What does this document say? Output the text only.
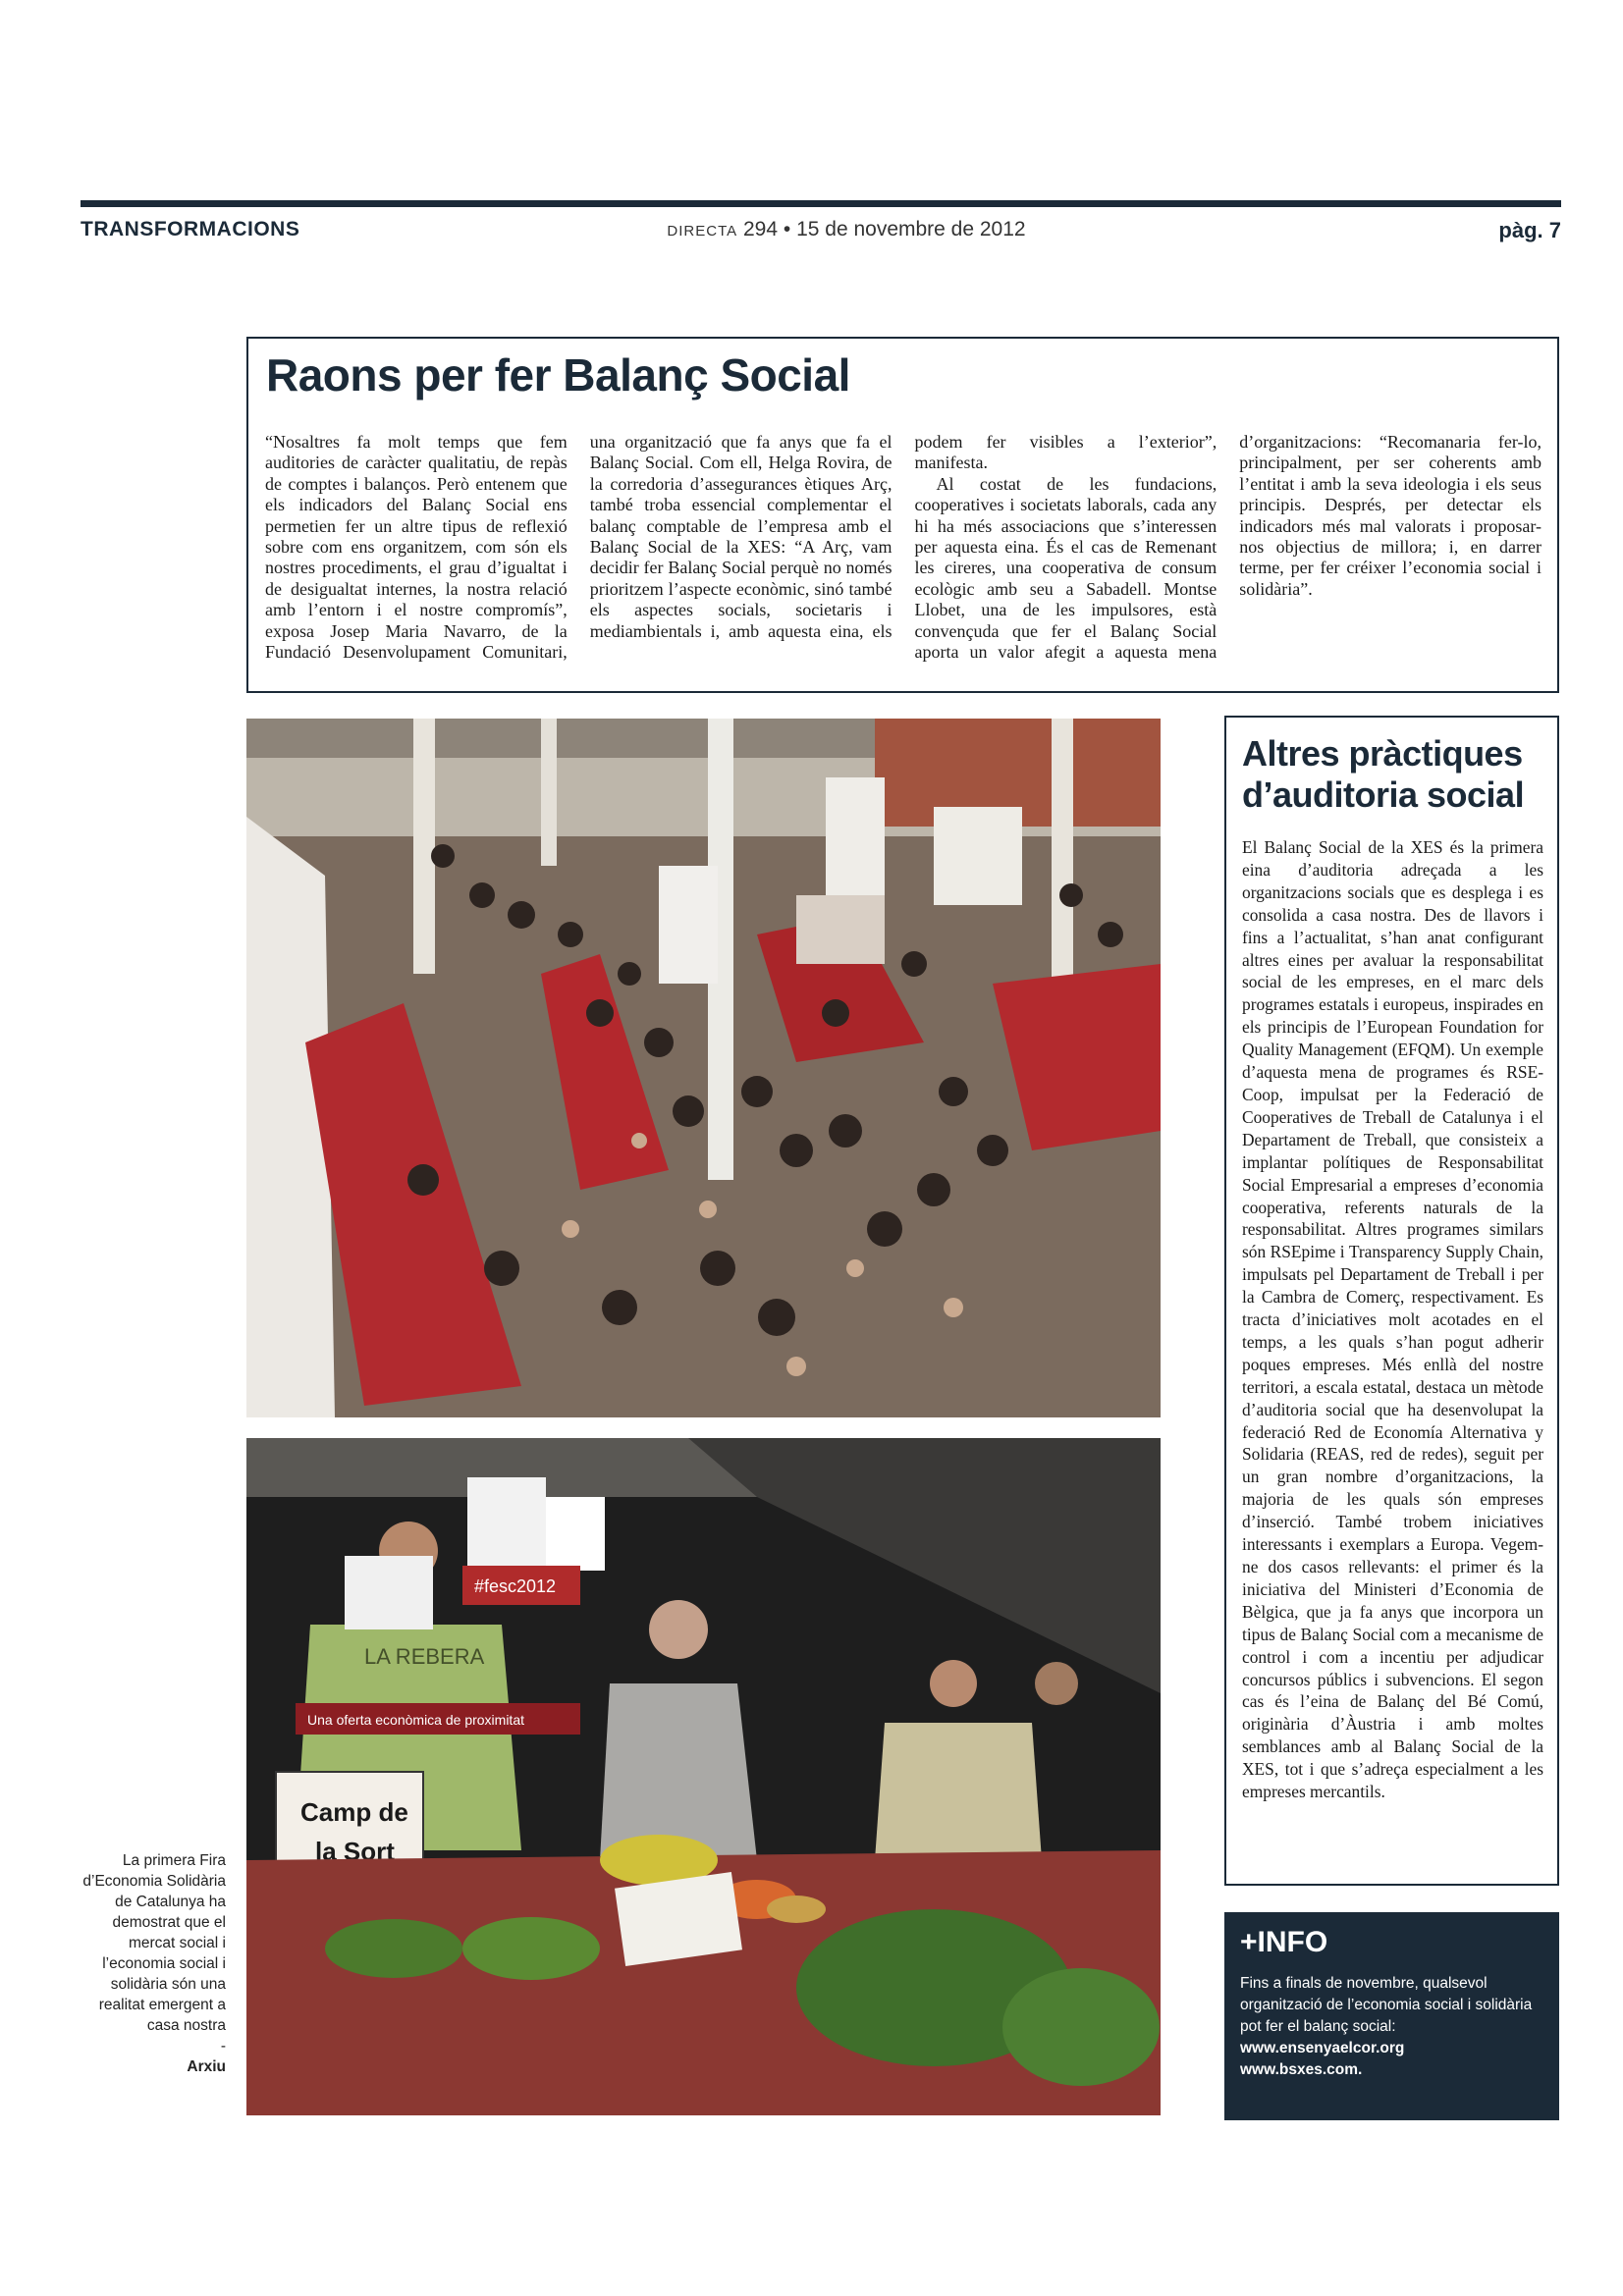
TRANSFORMACIONS	DIRECTA 294 • 15 de novembre de 2012	pàg. 7
Raons per fer Balanç Social

“Nosaltres fa molt temps que fem auditories de caràcter qualitatiu, de repàs de comptes i balanços. Però entenem que els indicadors del Balanç Social ens permetien fer un altre tipus de reflexió sobre com ens organitzem, com són els nostres procediments, el grau d’igualtat i de desigualtat internes, la nostra relació amb l’entorn i el nostre compromís”, exposa Josep Maria Navarro, de la Fundació Desenvolupament Comunitari, una organització que fa anys que fa el Balanç Social. Com ell, Helga Rovira, de la corredoria d’assegurances ètiques Arç, també troba essencial complementar el balanç comptable de l’empresa amb el Balanç Social de la XES: “A Arç, vam decidir fer Balanç Social perquè no només prioritzem l’aspecte econòmic, sinó també els aspectes socials, societaris i mediambientals i, amb aquesta eina, els podem fer visibles a l’exterior”, manifesta.

Al costat de les fundacions, cooperatives i societats laborals, cada any hi ha més associacions que s’interessen per aquesta eina. És el cas de Remenant les cireres, una cooperativa de consum ecològic amb seu a Sabadell. Montse Llobet, una de les impulsores, està convençuda que fer el Balanç Social aporta un valor afegit a aquesta mena d’organitzacions: “Recomanaria fer-lo, principalment, per ser coherents amb l’entitat i amb la seva ideologia i els seus principis. Després, per detectar els indicadors més mal valorats i proposar-nos objectius de millora; i, en darrer terme, per fer créixer l’economia social i solidària”.

LA REBERA
#fesc2012
Una oferta econòmica de proximitat
Camp de
la Sort
La primera Fira d’Economia Solidària de Catalunya ha demostrat que el mercat social i l’economia social i solidària són una realitat emergent a casa nostra
-
Arxiu
Altres pràctiques d’auditoria social

El Balanç Social de la XES és la primera eina d’auditoria adreçada a les organitzacions socials que es desplega i es consolida a casa nostra. Des de llavors i fins a l’actualitat, s’han anat configurant altres eines per avaluar la responsabilitat social de les empreses, en el marc dels programes estatals i europeus, inspirades en els principis de l’European Foundation for Quality Management (EFQM). Un exemple d’aquesta mena de programes és RSE-Coop, impulsat per la Federació de Cooperatives de Treball de Catalunya i el Departament de Treball, que consisteix a implantar polítiques de Responsabilitat Social Empresarial a empreses d’economia cooperativa, referents naturals de la responsabilitat. Altres programes similars són RSEpime i Transparency Supply Chain, impulsats pel Departament de Treball i per la Cambra de Comerç, respectivament. Es tracta d’iniciatives molt acotades en el temps, a les quals s’han pogut adherir poques empreses. Més enllà del nostre territori, a escala estatal, destaca un mètode d’auditoria social que ha desenvolupat la federació Red de Economía Alternativa y Solidaria (REAS, red de redes), seguit per un gran nombre d’organitzacions, la majoria de les quals són empreses d’inserció. També trobem iniciatives interessants i exemplars a Europa. Vegem-ne dos casos rellevants: el primer és la iniciativa del Ministeri d’Economia de Bèlgica, que ja fa anys que incorpora un tipus de Balanç Social com a mecanisme de control i com a incentiu per adjudicar concursos públics i subvencions. El segon cas és l’eina de Balanç del Bé Comú, originària d’Àustria i amb moltes semblances amb al Balanç Social de la XES, tot i que s’adreça especialment a les empreses mercantils.

+INFO

Fins a finals de novembre, qualsevol organització de l’economia social i solidària pot fer el balanç social:

www.ensenyaelcor.org
www.bsxes.com.
